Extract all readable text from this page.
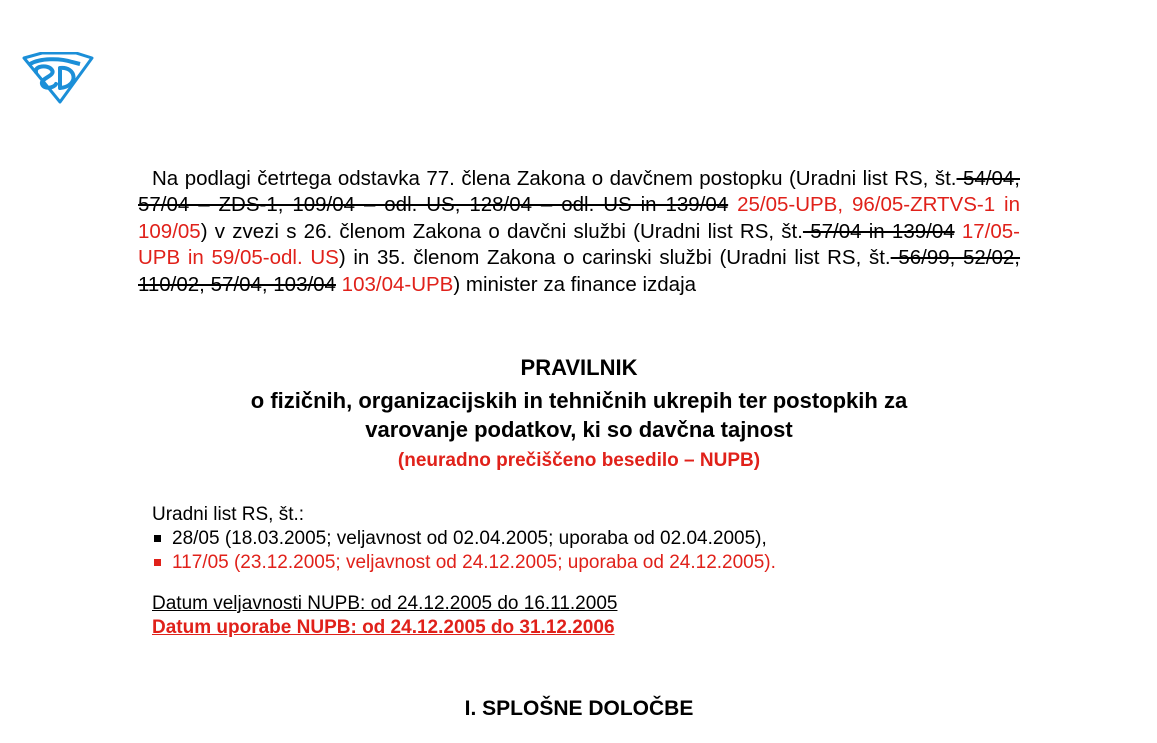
Na podlagi četrtega odstavka 77. člena Zakona o davčnem postopku (Uradni list RS, št. 54/04, 57/04 – ZDS-1, 109/04 – odl. US, 128/04 – odl. US in 139/04 25/05-UPB, 96/05-ZRTVS-1 in 109/05) v zvezi s 26. členom Zakona o davčni službi (Uradni list RS, št. 57/04 in 139/04 17/05-UPB in 59/05-odl. US) in 35. členom Zakona o carinski službi (Uradni list RS, št. 56/99, 52/02, 110/02, 57/04, 103/04 103/04-UPB) minister za finance izdaja

PRAVILNIK
o fizičnih, organizacijskih in tehničnih ukrepih ter postopkih za
varovanje podatkov, ki so davčna tajnost
(neuradno prečiščeno besedilo – NUPB)
Uradni list RS, št.:
28/05 (18.03.2005; veljavnost od 02.04.2005; uporaba od 02.04.2005),
117/05 (23.12.2005; veljavnost od 24.12.2005; uporaba od 24.12.2005).
Datum veljavnosti NUPB: od 24.12.2005 do 16.11.2005
Datum uporabe NUPB: od 24.12.2005 do 31.12.2006
I. SPLOŠNE DOLOČBE
